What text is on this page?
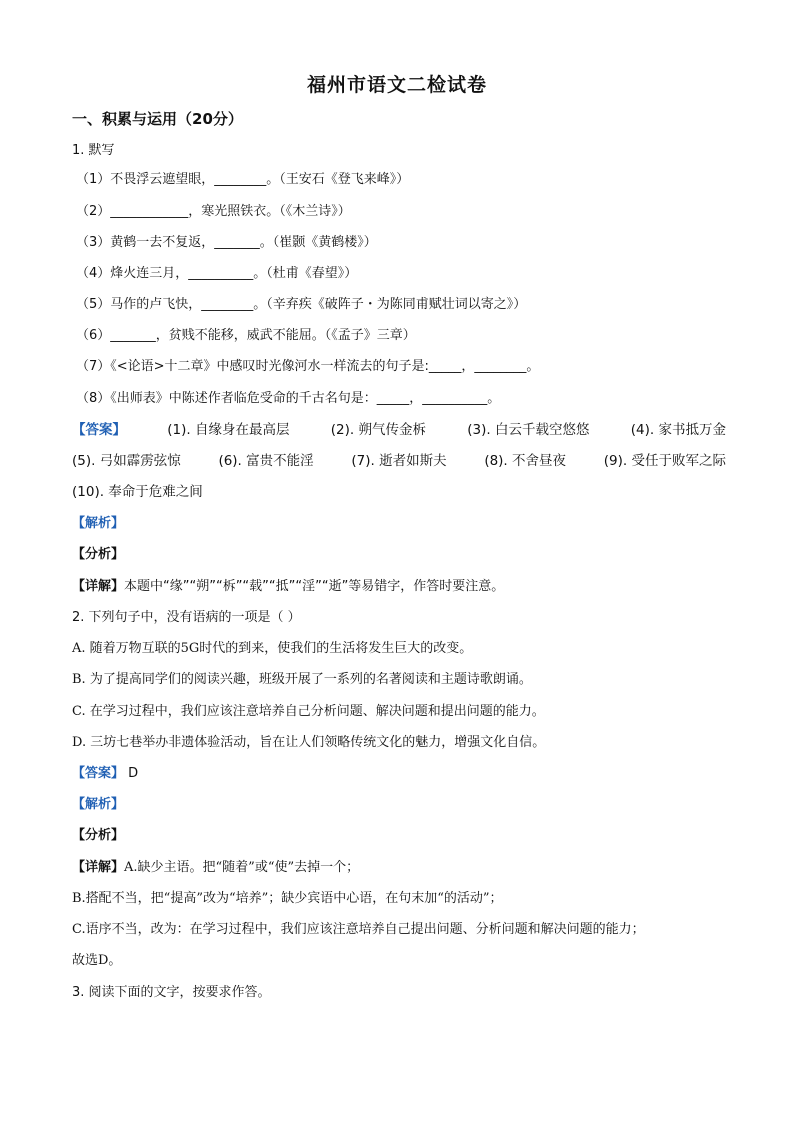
福州市语文二检试卷
一、积累与运用（20分）
1. 默写
（1）不畏浮云遮望眼，________。（王安石《登飞来峰》）
（2）____________，寒光照铁衣。（《木兰诗》）
（3）黄鹤一去不复返，_______。（崔颢《黄鹤楼》）
（4）烽火连三月，__________。（杜甫《春望》）
（5）马作的卢飞快，________。（辛弃疾《破阵子・为陈同甫赋壮词以寄之》）
（6）_______，贫贱不能移，威武不能屈。（《孟子》三章）
（7）《<论语>十二章》中感叹时光像河水一样流去的句子是:_____，________。
（8）《出师表》中陈述作者临危受命的千古名句是：_____，__________。
【答案】	(1). 自缘身在最高层	(2). 朔气传金柝	(3). 白云千载空悠悠	(4). 家书抵万金
(5). 弓如霹雳弦惊	(6). 富贵不能淫	(7). 逝者如斯夫	(8). 不舍昼夜	(9). 受任于败军之际
(10). 奉命于危难之间
【解析】
【分析】
【详解】本题中“缘”“朔”“柝”“载”“抵”“淫”“逝”等易错字，作答时要注意。
2. 下列句子中，没有语病的一项是（ ）
A. 随着万物互联的5G时代的到来，使我们的生活将发生巨大的改变。
B. 为了提高同学们的阅读兴趣，班级开展了一系列的名著阅读和主题诗歌朗诵。
C. 在学习过程中，我们应该注意培养自己分析问题、解决问题和提出问题的能力。
D. 三坊七巷举办非遗体验活动，旨在让人们领略传统文化的魅力，增强文化自信。
【答案】 D
【解析】
【分析】
【详解】A.缺少主语。把“随着”或“使”去掉一个；
B.搭配不当，把“提高”改为“培养”；缺少宾语中心语，在句末加“的活动”；
C.语序不当，改为：在学习过程中，我们应该注意培养自己提出问题、分析问题和解决问题的能力；
故选D。
3. 阅读下面的文字，按要求作答。
